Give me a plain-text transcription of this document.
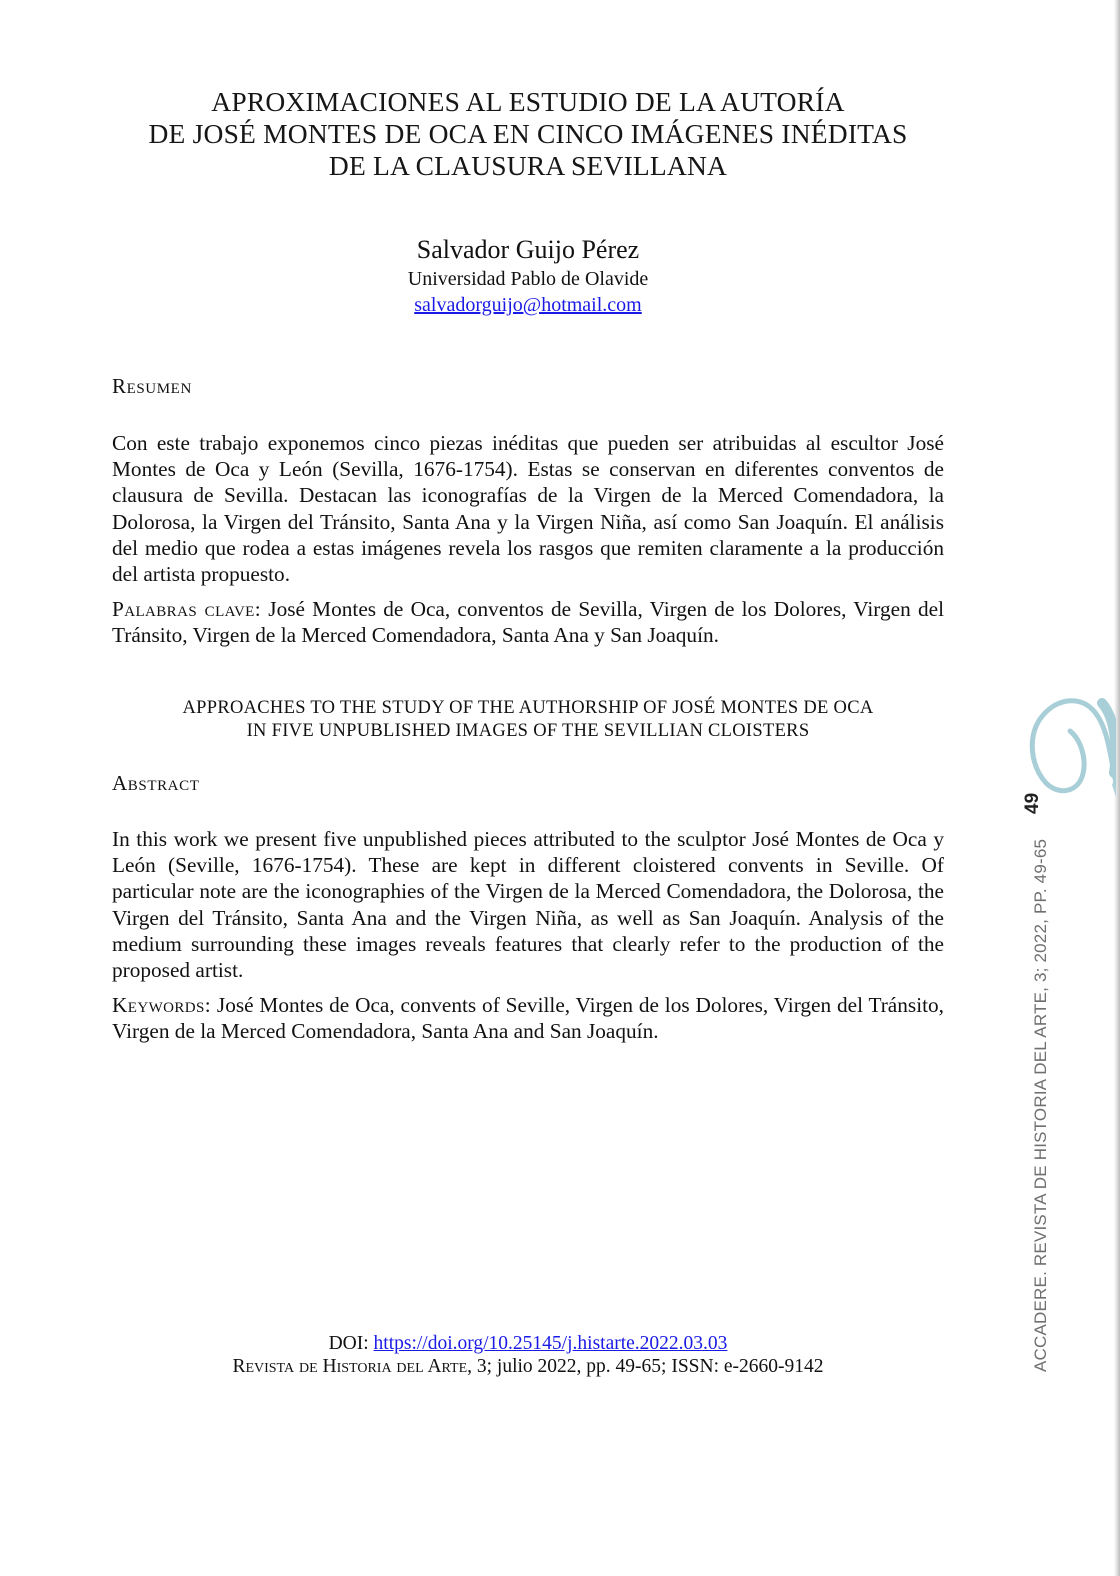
APROXIMACIONES AL ESTUDIO DE LA AUTORÍA
DE JOSÉ MONTES DE OCA EN CINCO IMÁGENES INÉDITAS
DE LA CLAUSURA SEVILLANA
Salvador Guijo Pérez
Universidad Pablo de Olavide
salvadorguijo@hotmail.com
Resumen

Con este trabajo exponemos cinco piezas inéditas que pueden ser atribuidas al escultor José Montes de Oca y León (Sevilla, 1676-1754). Estas se conservan en diferentes conventos de clausura de Sevilla. Destacan las iconografías de la Virgen de la Merced Comendadora, la Dolorosa, la Virgen del Tránsito, Santa Ana y la Virgen Niña, así como San Joaquín. El análisis del medio que rodea a estas imágenes revela los rasgos que remiten claramente a la producción del artista propuesto.

Palabras clave: José Montes de Oca, conventos de Sevilla, Virgen de los Dolores, Virgen del Tránsito, Virgen de la Merced Comendadora, Santa Ana y San Joaquín.

APPROACHES TO THE STUDY OF THE AUTHORSHIP OF JOSÉ MONTES DE OCA
IN FIVE UNPUBLISHED IMAGES OF THE SEVILLIAN CLOISTERS
Abstract

In this work we present five unpublished pieces attributed to the sculptor José Montes de Oca y León (Seville, 1676-1754). These are kept in different cloistered convents in Seville. Of particular note are the iconographies of the Virgen de la Merced Comendadora, the Dolorosa, the Virgen del Tránsito, Santa Ana and the Virgen Niña, as well as San Joaquín. Analysis of the medium surrounding these images reveals features that clearly refer to the production of the proposed artist.

Keywords: José Montes de Oca, convents of Seville, Virgen de los Dolores, Virgen del Tránsito, Virgen de la Merced Comendadora, Santa Ana and San Joaquín.

DOI: https://doi.org/10.25145/j.histarte.2022.03.03
Revista de Historia del Arte, 3; julio 2022, pp. 49-65; ISSN: e-2660-9142
49
ACCADERE. REVISTA DE HISTORIA DEL ARTE, 3; 2022, PP. 49-65
